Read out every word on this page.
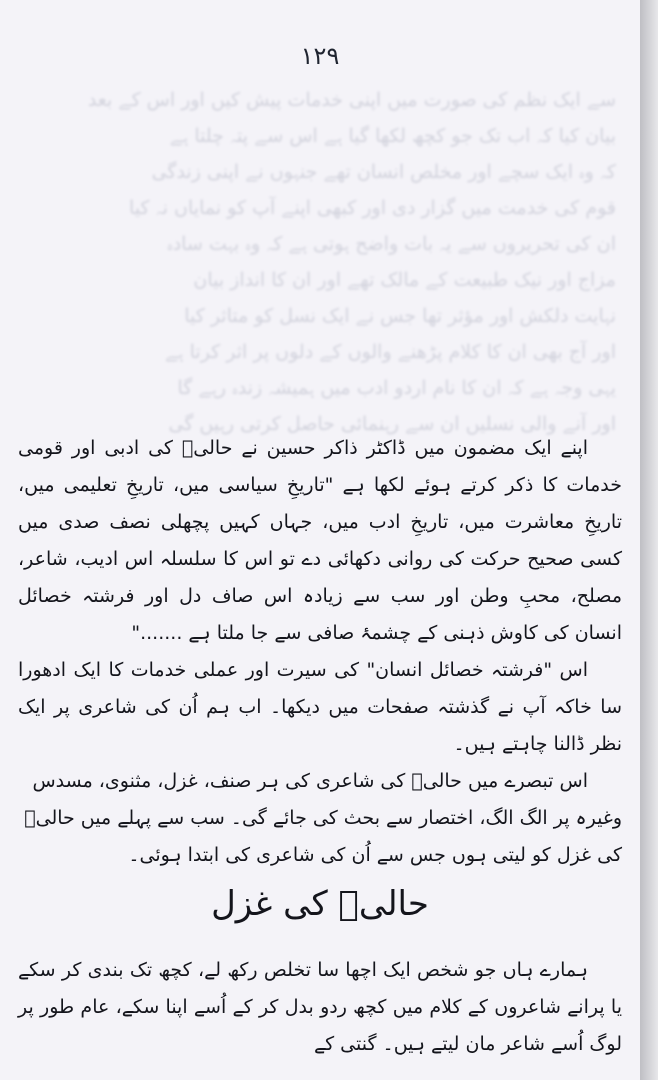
۱۲۹

ﺳﮯ ﺍﯾﮏ ﻧﻈﻢ ﮐﯽ ﺻﻮﺭﺕ ﻣﯿﮟ ﺍﭘﻨﯽ ﺧﺪﻣﺎﺕ ﭘﯿﺶ ﮐﯿﮟ ﺍﻭﺭ ﺍﺱ ﮐﮯ ﺑﻌﺪ

ﺑﯿﺎﻥ ﮐﯿﺎ ﮐﮧ ﺍﺏ ﺗﮏ ﺟﻮ ﮐﭽﮫ ﻟﮑﮭﺎ ﮔﯿﺎ ﮨﮯ ﺍﺱ ﺳﮯ ﭘﺘﮧ ﭼﻠﺘﺎ ﮨﮯ

ﮐﮧ ﻭﮦ ﺍﯾﮏ ﺳﭽﮯ ﺍﻭﺭ ﻣﺨﻠﺺ ﺍﻧﺴﺎﻥ ﺗﮭﮯ ﺟﻨﮩﻮﮞ ﻧﮯ ﺍﭘﻨﯽ ﺯﻧﺪﮔﯽ

ﻗﻮﻡ ﮐﯽ ﺧﺪﻣﺖ ﻣﯿﮟ ﮔﺰﺍﺭ ﺩﯼ ﺍﻭﺭ ﮐﺒﮭﯽ ﺍﭘﻨﮯ ﺁﭖ ﮐﻮ ﻧﻤﺎﯾﺎﮞ ﻧﮧ ﮐﯿﺎ

ﺍﻥ ﮐﯽ ﺗﺤﺮﯾﺮﻭﮞ ﺳﮯ ﯾﮧ ﺑﺎﺕ ﻭﺍﺿﺢ ﮨﻮﺗﯽ ﮨﮯ ﮐﮧ ﻭﮦ ﺑﮩﺖ ﺳﺎﺩﮦ

ﻣﺰﺍﺝ ﺍﻭﺭ ﻧﯿﮏ ﻃﺒﯿﻌﺖ ﮐﮯ ﻣﺎﻟﮏ ﺗﮭﮯ ﺍﻭﺭ ﺍﻥ ﮐﺎ ﺍﻧﺪﺍﺯ ﺑﯿﺎﻥ

ﻧﮩﺎﯾﺖ ﺩﻟﮑﺶ ﺍﻭﺭ ﻣﺆﺛﺮ ﺗﮭﺎ ﺟﺲ ﻧﮯ ﺍﯾﮏ ﻧﺴﻞ ﮐﻮ ﻣﺘﺎﺛﺮ ﮐﯿﺎ

ﺍﻭﺭ ﺁﺝ ﺑﮭﯽ ﺍﻥ ﮐﺎ ﮐﻼﻡ ﭘﮍﮬﻨﮯ ﻭﺍﻟﻮﮞ ﮐﮯ ﺩﻟﻮﮞ ﭘﺮ ﺍﺛﺮ ﮐﺮﺗﺎ ﮨﮯ

ﯾﮩﯽ ﻭﺟﮧ ﮨﮯ ﮐﮧ ﺍﻥ ﮐﺎ ﻧﺎﻡ ﺍﺭﺩﻭ ﺍﺩﺏ ﻣﯿﮟ ﮨﻤﯿﺸﮧ ﺯﻧﺪﮦ ﺭﮨﮯ ﮔﺎ

ﺍﻭﺭ ﺁﻧﮯ ﻭﺍﻟﯽ ﻧﺴﻠﯿﮟ ﺍﻥ ﺳﮯ ﺭﮨﻨﻤﺎﺋﯽ ﺣﺎﺻﻞ ﮐﺮﺗﯽ ﺭﮨﯿﮟ ﮔﯽ

اپنے ایک مضمون میں ڈاکٹر ذاکر حسین نے حالیؔ کی ادبی اور قومی خدمات کا ذکر کرتے ہوئے لکھا ہے "تاریخِ سیاسی میں، تاریخِ تعلیمی میں، تاریخِ معاشرت میں، تاریخِ ادب میں، جہاں کہیں پچھلی نصف صدی میں کسی صحیح حرکت کی روانی دکھائی دے تو اس کا سلسلہ اس ادیب، شاعر، مصلح، محبِ وطن اور سب سے زیادہ اس صاف دل اور فرشتہ خصائل انسان کی کاوش ذہنی کے چشمۂ صافی سے جا ملتا ہے ......."

اس "فرشتہ خصائل انسان" کی سیرت اور عملی خدمات کا ایک ادھورا سا خاکہ آپ نے گذشتہ صفحات میں دیکھا۔ اب ہم اُن کی شاعری پر ایک نظر ڈالنا چاہتے ہیں۔

اس تبصرے میں حالیؔ کی شاعری کی ہر صنف، غزل، مثنوی، مسدس وغیرہ پر الگ الگ، اختصار سے بحث کی جائے گی۔ سب سے پہلے میں حالیؔ کی غزل کو لیتی ہوں جس سے اُن کی شاعری کی ابتدا ہوئی۔

حالیؔ کی غزل

ہمارے ہاں جو شخص ایک اچھا سا تخلص رکھ لے، کچھ تک بندی کر سکے یا پرانے شاعروں کے کلام میں کچھ ردو بدل کر کے اُسے اپنا سکے، عام طور پر لوگ اُسے شاعر مان لیتے ہیں۔ گنتی کے
